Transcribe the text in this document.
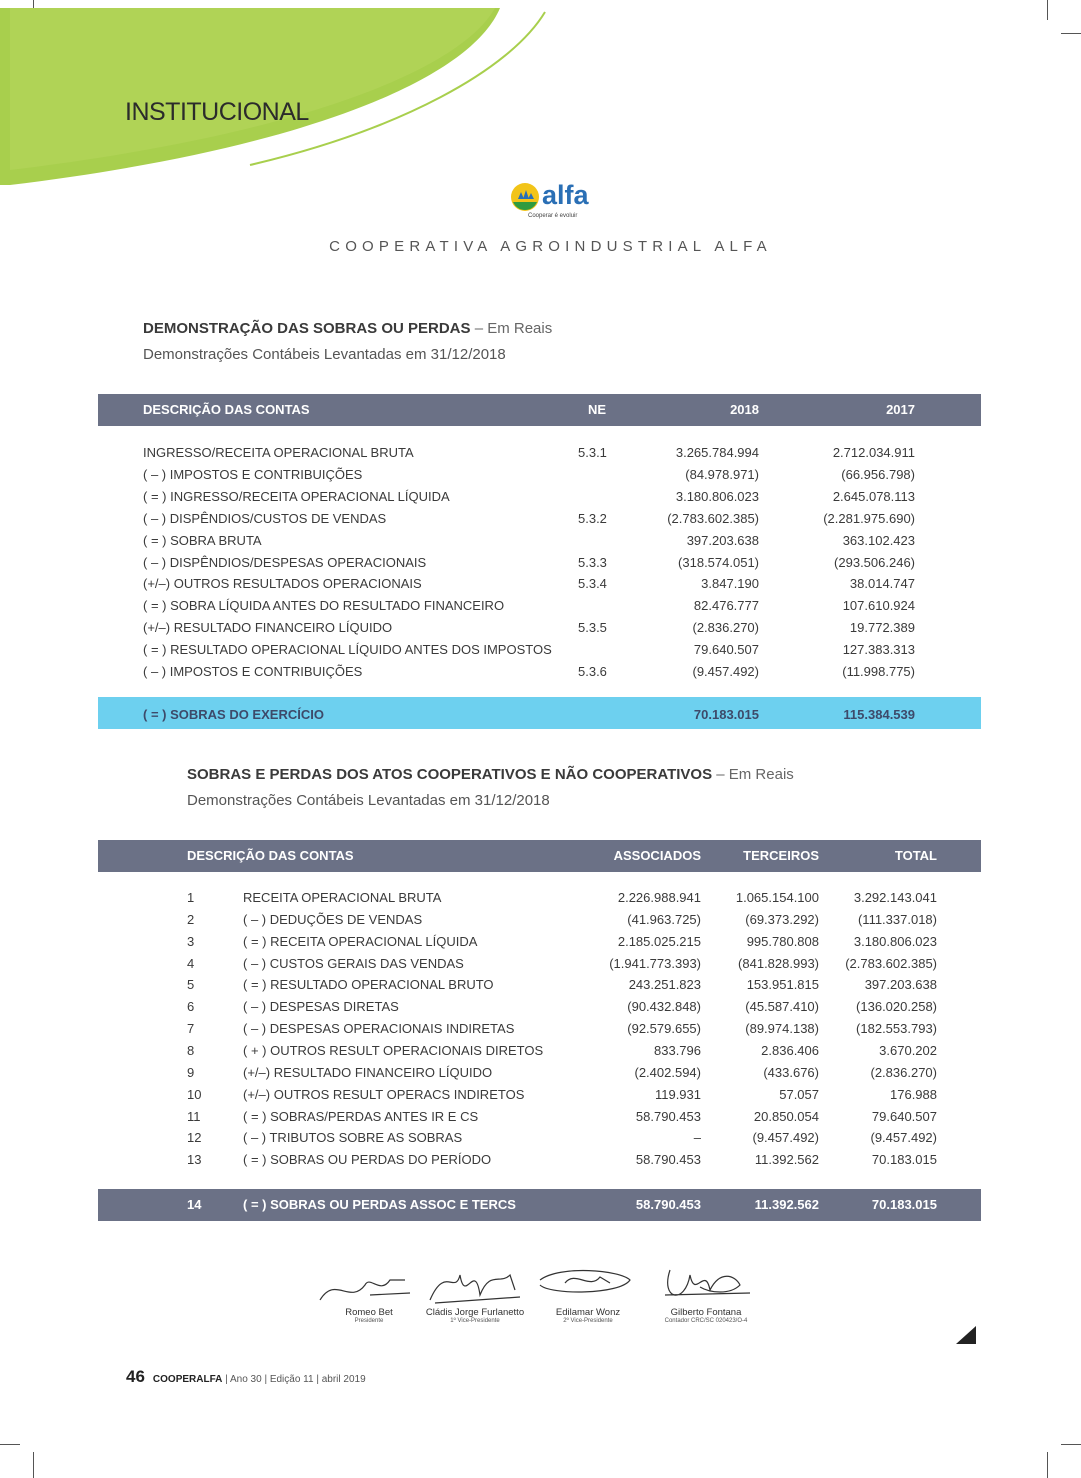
INSTITUCIONAL
alfa
Cooperar é evoluir
COOPERATIVA AGROINDUSTRIAL ALFA
DEMONSTRAÇÃO DAS SOBRAS OU PERDAS – Em Reais
Demonstrações Contábeis Levantadas em 31/12/2018
DESCRIÇÃO DAS CONTAS	NE	2018	2017
INGRESSO/RECEITA OPERACIONAL BRUTA	5.3.1	3.265.784.994	2.712.034.911
( – ) IMPOSTOS E CONTRIBUIÇÕES	(84.978.971)	(66.956.798)
( = ) INGRESSO/RECEITA OPERACIONAL LÍQUIDA	3.180.806.023	2.645.078.113
( – ) DISPÊNDIOS/CUSTOS DE VENDAS	5.3.2	(2.783.602.385)	(2.281.975.690)
( = ) SOBRA BRUTA	397.203.638	363.102.423
( – ) DISPÊNDIOS/DESPESAS OPERACIONAIS	5.3.3	(318.574.051)	(293.506.246)
(+/–) OUTROS RESULTADOS OPERACIONAIS	5.3.4	3.847.190	38.014.747
( = ) SOBRA LÍQUIDA ANTES DO RESULTADO FINANCEIRO	82.476.777	107.610.924
(+/–) RESULTADO FINANCEIRO LÍQUIDO	5.3.5	(2.836.270)	19.772.389
( = ) RESULTADO OPERACIONAL LÍQUIDO ANTES DOS IMPOSTOS	79.640.507	127.383.313
( – ) IMPOSTOS E CONTRIBUIÇÕES	5.3.6	(9.457.492)	(11.998.775)
( = ) SOBRAS DO EXERCÍCIO	70.183.015	115.384.539
SOBRAS E PERDAS DOS ATOS COOPERATIVOS E NÃO COOPERATIVOS – Em Reais
Demonstrações Contábeis Levantadas em 31/12/2018
DESCRIÇÃO DAS CONTAS	ASSOCIADOS	TERCEIROS	TOTAL
1	RECEITA OPERACIONAL BRUTA	2.226.988.941	1.065.154.100	3.292.143.041
2	( – ) DEDUÇÕES DE VENDAS	(41.963.725)	(69.373.292)	(111.337.018)
3	( = ) RECEITA OPERACIONAL LÍQUIDA	2.185.025.215	995.780.808	3.180.806.023
4	( – ) CUSTOS GERAIS DAS VENDAS	(1.941.773.393)	(841.828.993) (2.783.602.385)
5	( = ) RESULTADO OPERACIONAL BRUTO	243.251.823	153.951.815	397.203.638
6	( – ) DESPESAS DIRETAS	(90.432.848)	(45.587.410)	(136.020.258)
7	( – ) DESPESAS OPERACIONAIS INDIRETAS	(92.579.655)	(89.974.138)	(182.553.793)
8	( + ) OUTROS RESULT OPERACIONAIS DIRETOS	833.796	2.836.406	3.670.202
9	(+/–) RESULTADO FINANCEIRO LÍQUIDO	(2.402.594)	(433.676)	(2.836.270)
10	(+/–) OUTROS RESULT OPERACS INDIRETOS	119.931	57.057	176.988
11	( = ) SOBRAS/PERDAS ANTES IR E CS	58.790.453	20.850.054	79.640.507
12	( – ) TRIBUTOS SOBRE AS SOBRAS	–	(9.457.492)	(9.457.492)
13	( = ) SOBRAS OU PERDAS DO PERÍODO	58.790.453	11.392.562	70.183.015
14	( = ) SOBRAS OU PERDAS ASSOC E TERCS	58.790.453	11.392.562	70.183.015
Romeo Bet
Presidente
Cládis Jorge Furlanetto
1º Vice-Presidente
Edilamar Wonz
2º Vice-Presidente
Gilberto Fontana
Contador CRC/SC 020423/O-4
46 COOPERALFA | Ano 30 | Edição 11 | abril 2019
